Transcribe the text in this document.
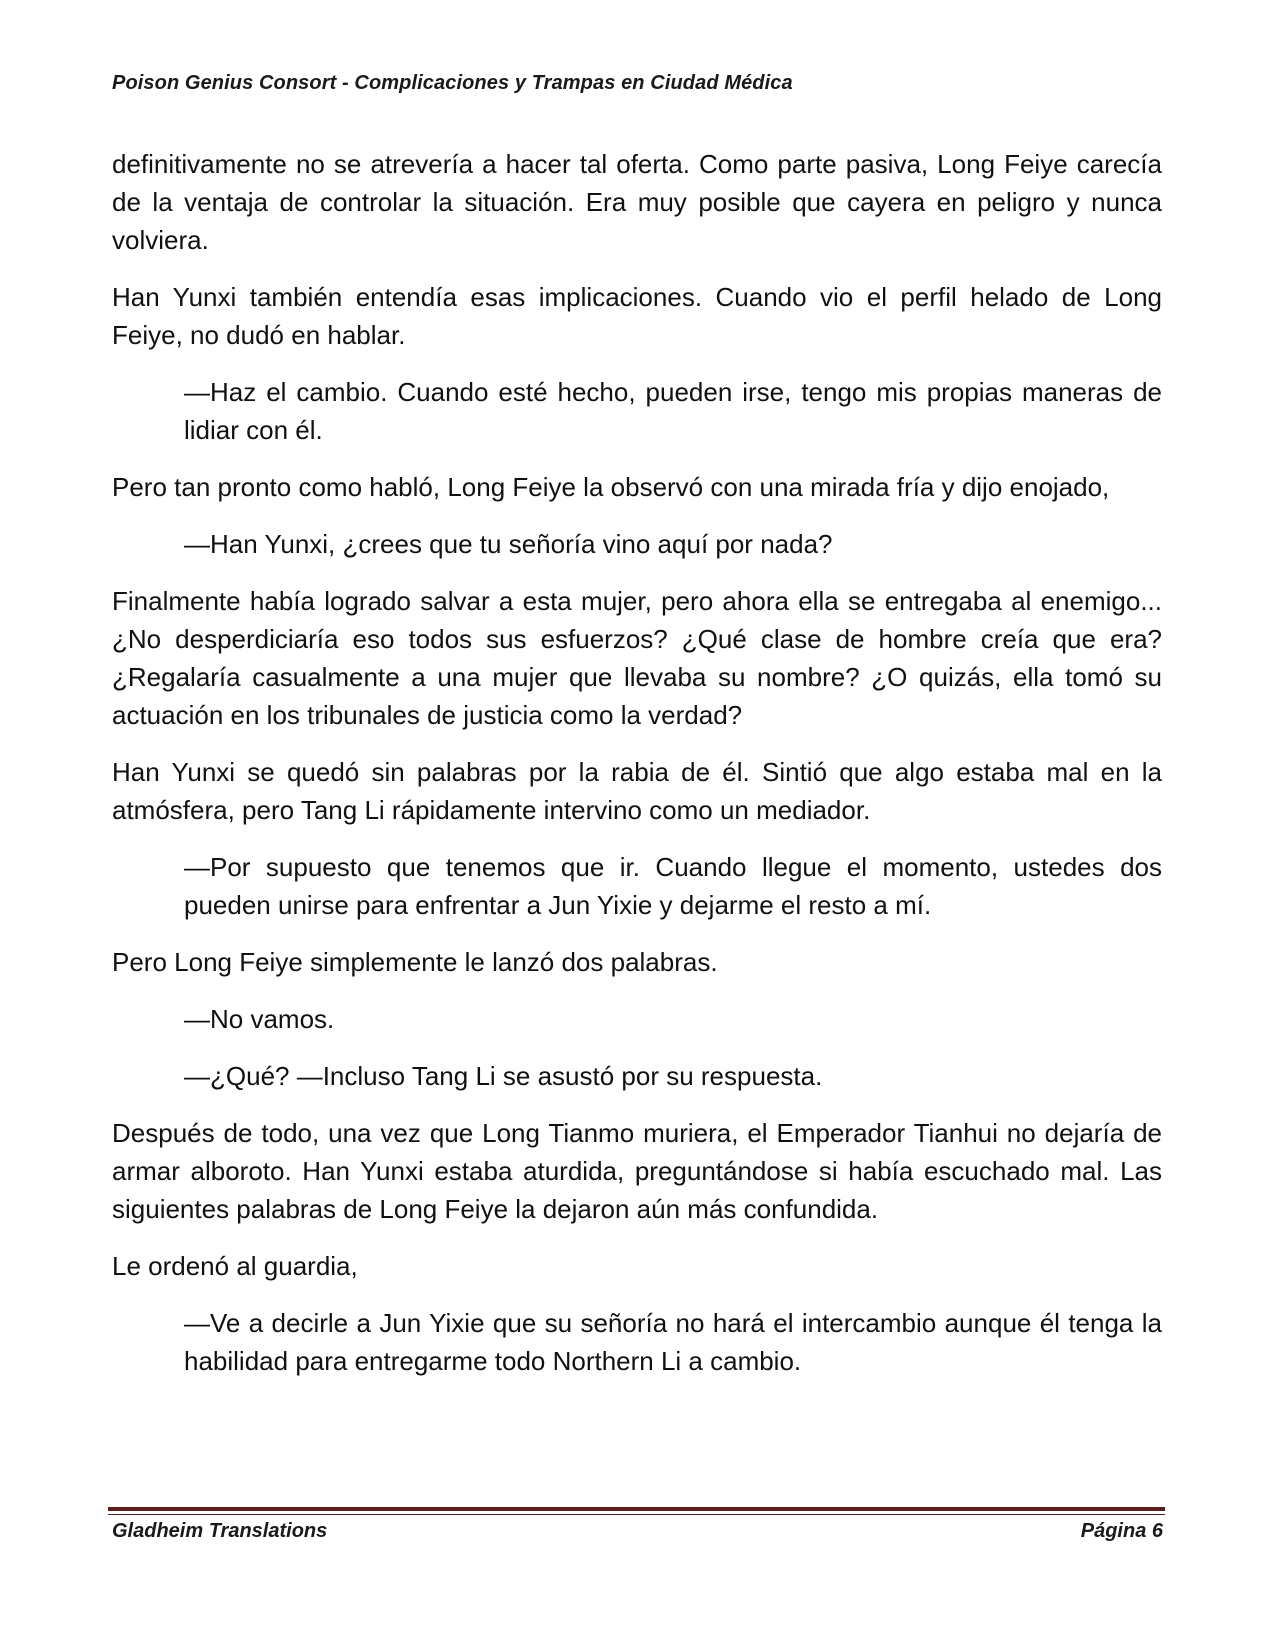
Poison Genius Consort - Complicaciones y Trampas en Ciudad Médica

definitivamente no se atrevería a hacer tal oferta. Como parte pasiva, Long Feiye carecía de la ventaja de controlar la situación. Era muy posible que cayera en peligro y nunca volviera.

Han Yunxi también entendía esas implicaciones. Cuando vio el perfil helado de Long Feiye, no dudó en hablar.

—Haz el cambio. Cuando esté hecho, pueden irse, tengo mis propias maneras de lidiar con él.

Pero tan pronto como habló, Long Feiye la observó con una mirada fría y dijo enojado,

—Han Yunxi, ¿crees que tu señoría vino aquí por nada?

Finalmente había logrado salvar a esta mujer, pero ahora ella se entregaba al enemigo... ¿No desperdiciaría eso todos sus esfuerzos? ¿Qué clase de hombre creía que era? ¿Regalaría casualmente a una mujer que llevaba su nombre? ¿O quizás, ella tomó su actuación en los tribunales de justicia como la verdad?

Han Yunxi se quedó sin palabras por la rabia de él. Sintió que algo estaba mal en la atmósfera, pero Tang Li rápidamente intervino como un mediador.

—Por supuesto que tenemos que ir. Cuando llegue el momento, ustedes dos pueden unirse para enfrentar a Jun Yixie y dejarme el resto a mí.

Pero Long Feiye simplemente le lanzó dos palabras.

—No vamos.

—¿Qué? —Incluso Tang Li se asustó por su respuesta.

Después de todo, una vez que Long Tianmo muriera, el Emperador Tianhui no dejaría de armar alboroto. Han Yunxi estaba aturdida, preguntándose si había escuchado mal. Las siguientes palabras de Long Feiye la dejaron aún más confundida.

Le ordenó al guardia,

—Ve a decirle a Jun Yixie que su señoría no hará el intercambio aunque él tenga la habilidad para entregarme todo Northern Li a cambio.

Gladheim Translations	Página 6
